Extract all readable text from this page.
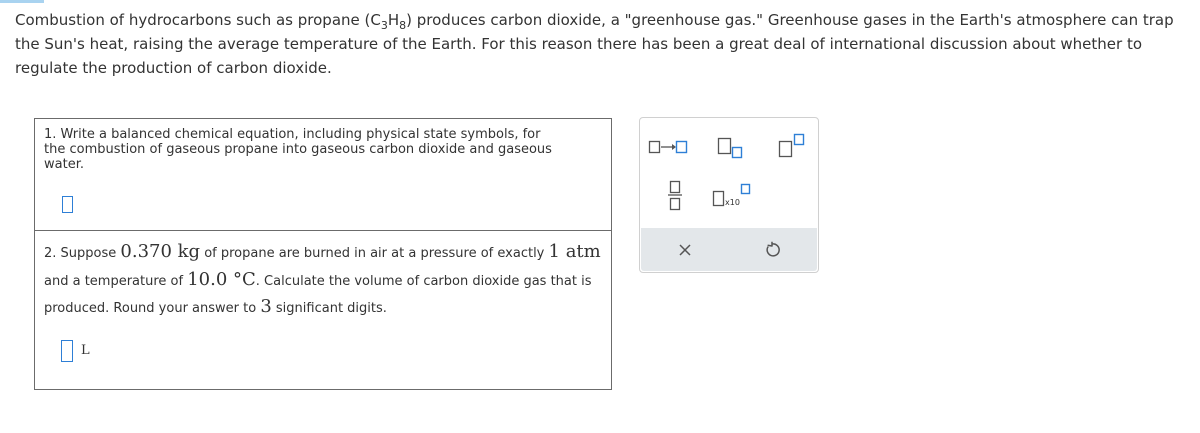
Combustion of hydrocarbons such as propane $(C_3H_8)$ produces carbon dioxide, a "greenhouse gas." Greenhouse gases in the Earth's atmosphere can trap the Sun's heat, raising the average temperature of the Earth. For this reason there has been a great deal of international discussion about whether to regulate the production of carbon dioxide.
1. Write a balanced chemical equation, including physical state symbols, for the combustion of gaseous propane into gaseous carbon dioxide and gaseous water.
2. Suppose 0.370 kg of propane are burned in air at a pressure of exactly 1 atm and a temperature of 10.0 °C. Calculate the volume of carbon dioxide gas that is produced. Round your answer to 3 significant digits.
L
x10
